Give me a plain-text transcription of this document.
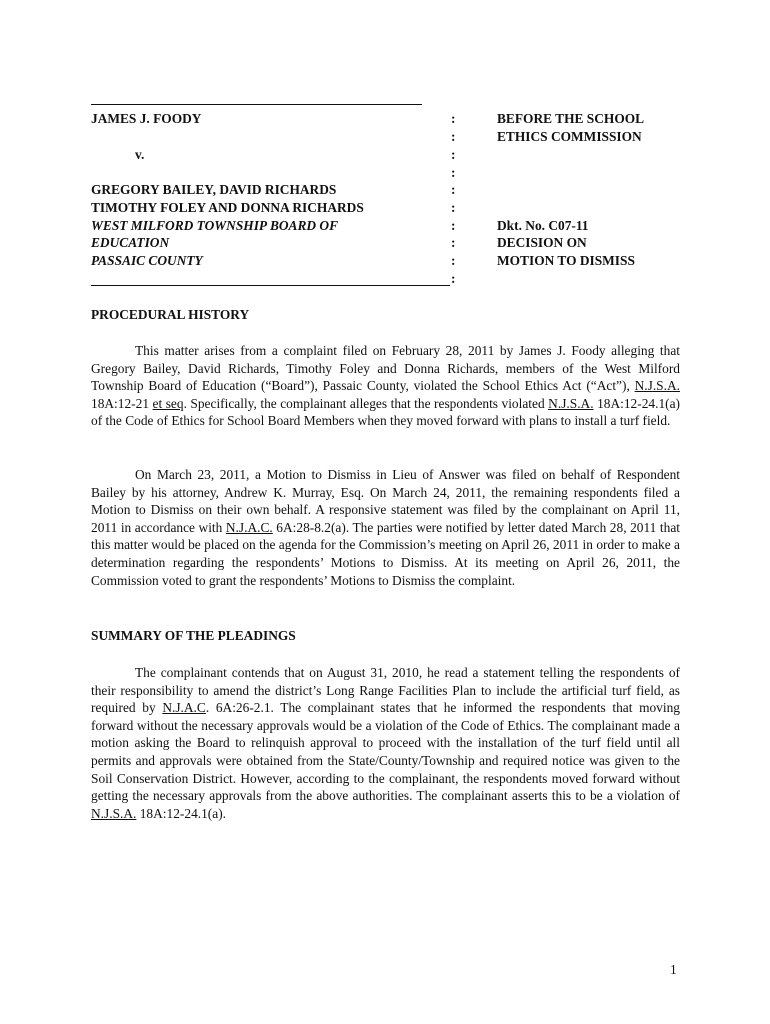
JAMES J. FOODY
v.
GREGORY BAILEY, DAVID RICHARDS
TIMOTHY FOLEY AND DONNA RICHARDS
WEST MILFORD TOWNSHIP BOARD OF
EDUCATION
PASSAIC COUNTY
:
:
:
:
:
:
:
:
:
:
BEFORE THE SCHOOL
ETHICS COMMISSION
Dkt. No. C07-11
DECISION ON
MOTION TO DISMISS
PROCEDURAL HISTORY

This matter arises from a complaint filed on February 28, 2011 by James J. Foody alleging that Gregory Bailey, David Richards, Timothy Foley and Donna Richards, members of the West Milford Township Board of Education (“Board”), Passaic County, violated the School Ethics Act (“Act”), N.J.S.A. 18A:12-21 et seq. Specifically, the complainant alleges that the respondents violated N.J.S.A. 18A:12-24.1(a) of the Code of Ethics for School Board Members when they moved forward with plans to install a turf field.

On March 23, 2011, a Motion to Dismiss in Lieu of Answer was filed on behalf of Respondent Bailey by his attorney, Andrew K. Murray, Esq. On March 24, 2011, the remaining respondents filed a Motion to Dismiss on their own behalf. A responsive statement was filed by the complainant on April 11, 2011 in accordance with N.J.A.C. 6A:28-8.2(a). The parties were notified by letter dated March 28, 2011 that this matter would be placed on the agenda for the Commission’s meeting on April 26, 2011 in order to make a determination regarding the respondents’ Motions to Dismiss. At its meeting on April 26, 2011, the Commission voted to grant the respondents’ Motions to Dismiss the complaint.

SUMMARY OF THE PLEADINGS

The complainant contends that on August 31, 2010, he read a statement telling the respondents of their responsibility to amend the district’s Long Range Facilities Plan to include the artificial turf field, as required by N.J.A.C. 6A:26-2.1. The complainant states that he informed the respondents that moving forward without the necessary approvals would be a violation of the Code of Ethics. The complainant made a motion asking the Board to relinquish approval to proceed with the installation of the turf field until all permits and approvals were obtained from the State/County/Township and required notice was given to the Soil Conservation District. However, according to the complainant, the respondents moved forward without getting the necessary approvals from the above authorities. The complainant asserts this to be a violation of N.J.S.A. 18A:12-24.1(a).

1
